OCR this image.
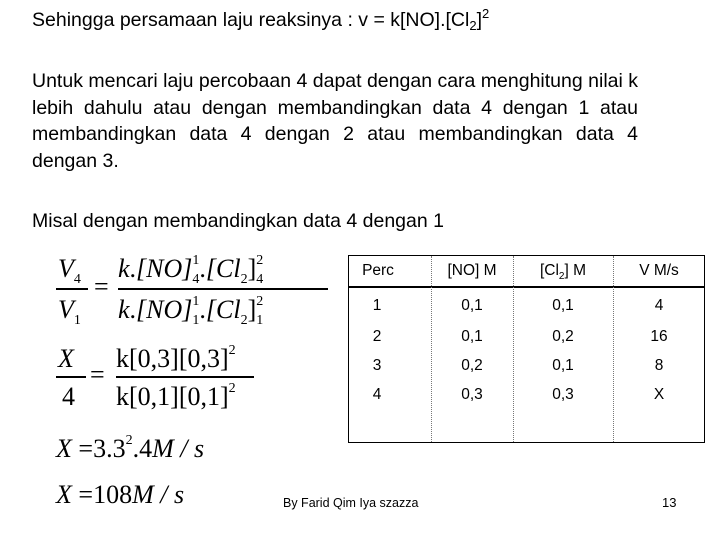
Sehingga persamaan laju reaksinya : $v = k[NO].[Cl_2]^2$
Untuk mencari laju percobaan 4 dapat dengan cara menghitung nilai k lebih dahulu atau dengan membandingkan data 4 dengan 1 atau membandingkan data 4 dengan 2 atau membandingkan data 4 dengan 3.
Misal dengan membandingkan data 4 dengan 1
$V_4$
$V_1$
=
$k.[NO]_4^1.[Cl_2]_4^2$
$k.[NO]_1^1.[Cl_2]_1^2$
X
4
=
$k[0,3][0,3]^2$
$k[0,1][0,1]^2$
$X =3.3^2.4M / s$
X =108M / s
Perc	[NO] M	$[Cl_2]$ M	V M/s
1	0,1	0,1	4
2	0,1	0,2	16
3	0,2	0,1	8
4	0,3	0,3	X
By Farid Qim Iya szazza	13
